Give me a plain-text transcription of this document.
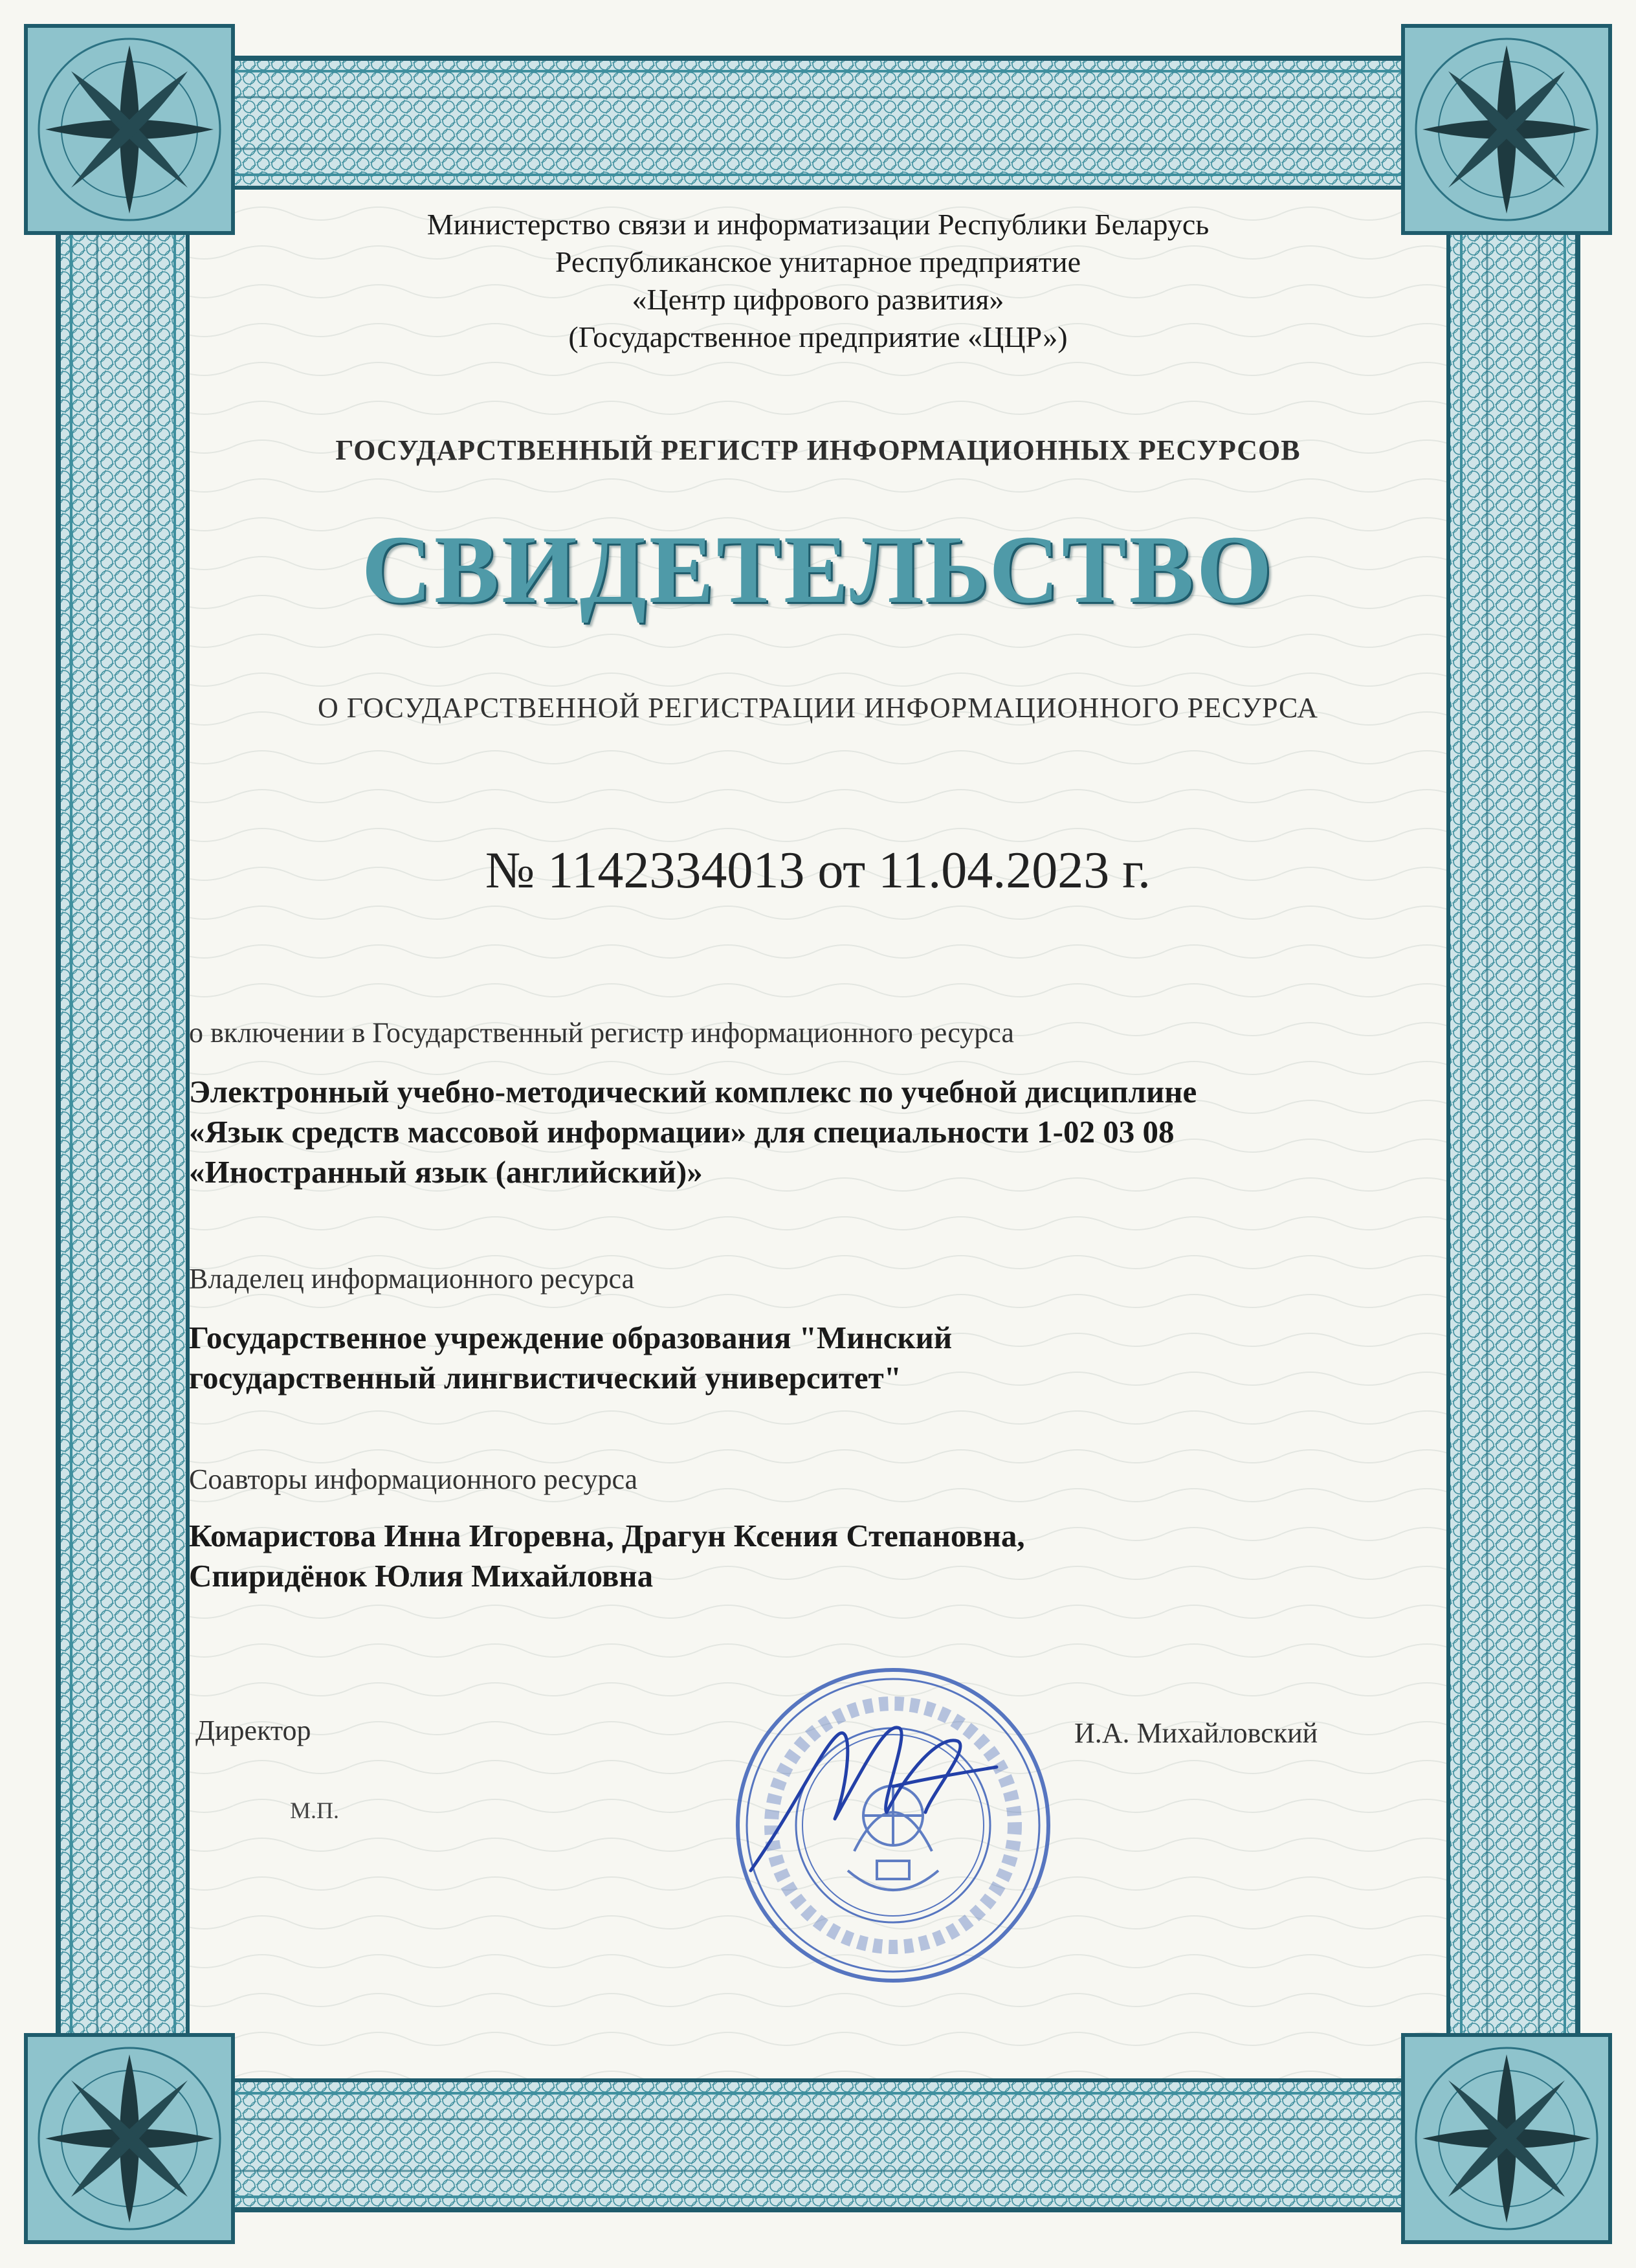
Министерство связи и информатизации Республики Беларусь
Республиканское унитарное предприятие
«Центр цифрового развития»
(Государственное предприятие «ЦЦР»)
ГОСУДАРСТВЕННЫЙ РЕГИСТР ИНФОРМАЦИОННЫХ РЕСУРСОВ
СВИДЕТЕЛЬСТВО
О ГОСУДАРСТВЕННОЙ РЕГИСТРАЦИИ ИНФОРМАЦИОННОГО РЕСУРСА
№ 1142334013 от 11.04.2023 г.
о включении в Государственный регистр информационного ресурса
Электронный учебно-методический комплекс по учебной дисциплине
«Язык средств массовой информации» для специальности 1-02 03 08
«Иностранный язык (английский)»
Владелец информационного ресурса
Государственное учреждение образования "Минский
государственный лингвистический университет"
Соавторы информационного ресурса
Комаристова Инна Игоревна, Драгун Ксения Степановна,
Спиридёнок Юлия Михайловна
Директор
М.П.
И.А. Михайловский
